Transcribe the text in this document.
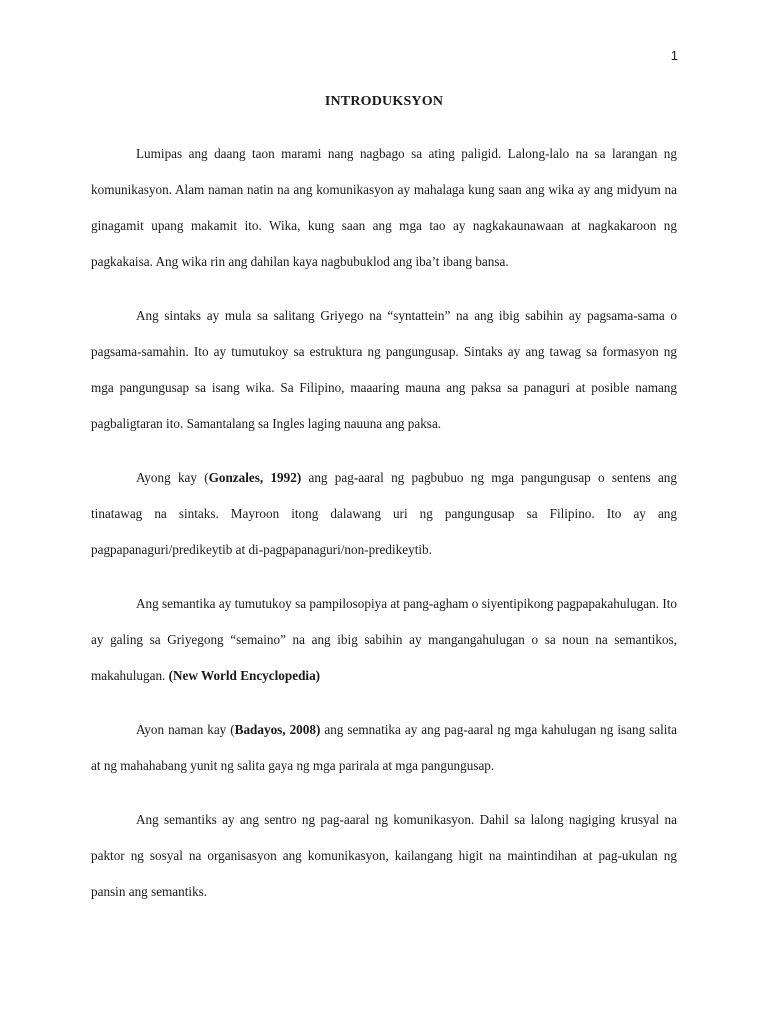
1
INTRODUKSYON

Lumipas ang daang taon marami nang nagbago sa ating paligid. Lalong-lalo na sa larangan ng komunikasyon. Alam naman natin na ang komunikasyon ay mahalaga kung saan ang wika ay ang midyum na ginagamit upang makamit ito. Wika, kung saan ang mga tao ay nagkakaunawaan at nagkakaroon ng pagkakaisa. Ang wika rin ang dahilan kaya nagbubuklod ang iba’t ibang bansa.

Ang sintaks ay mula sa salitang Griyego na “syntattein” na ang ibig sabihin ay pagsama-sama o pagsama-samahin. Ito ay tumutukoy sa estruktura ng pangungusap. Sintaks ay ang tawag sa formasyon ng mga pangungusap sa isang wika. Sa Filipino, maaaring mauna ang paksa sa panaguri at posible namang pagbaligtaran ito. Samantalang sa Ingles laging nauuna ang paksa.

Ayong kay (Gonzales, 1992) ang pag-aaral ng pagbubuo ng mga pangungusap o sentens ang tinatawag na sintaks. Mayroon itong dalawang uri ng pangungusap sa Filipino. Ito ay ang pagpapanaguri/predikeytib at di-pagpapanaguri/non-predikeytib.

Ang semantika ay tumutukoy sa pampilosopiya at pang-agham o siyentipikong pagpapakahulugan. Ito ay galing sa Griyegong “semaino” na ang ibig sabihin ay mangangahulugan o sa noun na semantikos, makahulugan. (New World Encyclopedia)

Ayon naman kay (Badayos, 2008) ang semnatika ay ang pag-aaral ng mga kahulugan ng isang salita at ng mahahabang yunit ng salita gaya ng mga parirala at mga pangungusap.

Ang semantiks ay ang sentro ng pag-aaral ng komunikasyon. Dahil sa lalong nagiging krusyal na paktor ng sosyal na organisasyon ang komunikasyon, kailangang higit na maintindihan at pag-ukulan ng pansin ang semantiks.
